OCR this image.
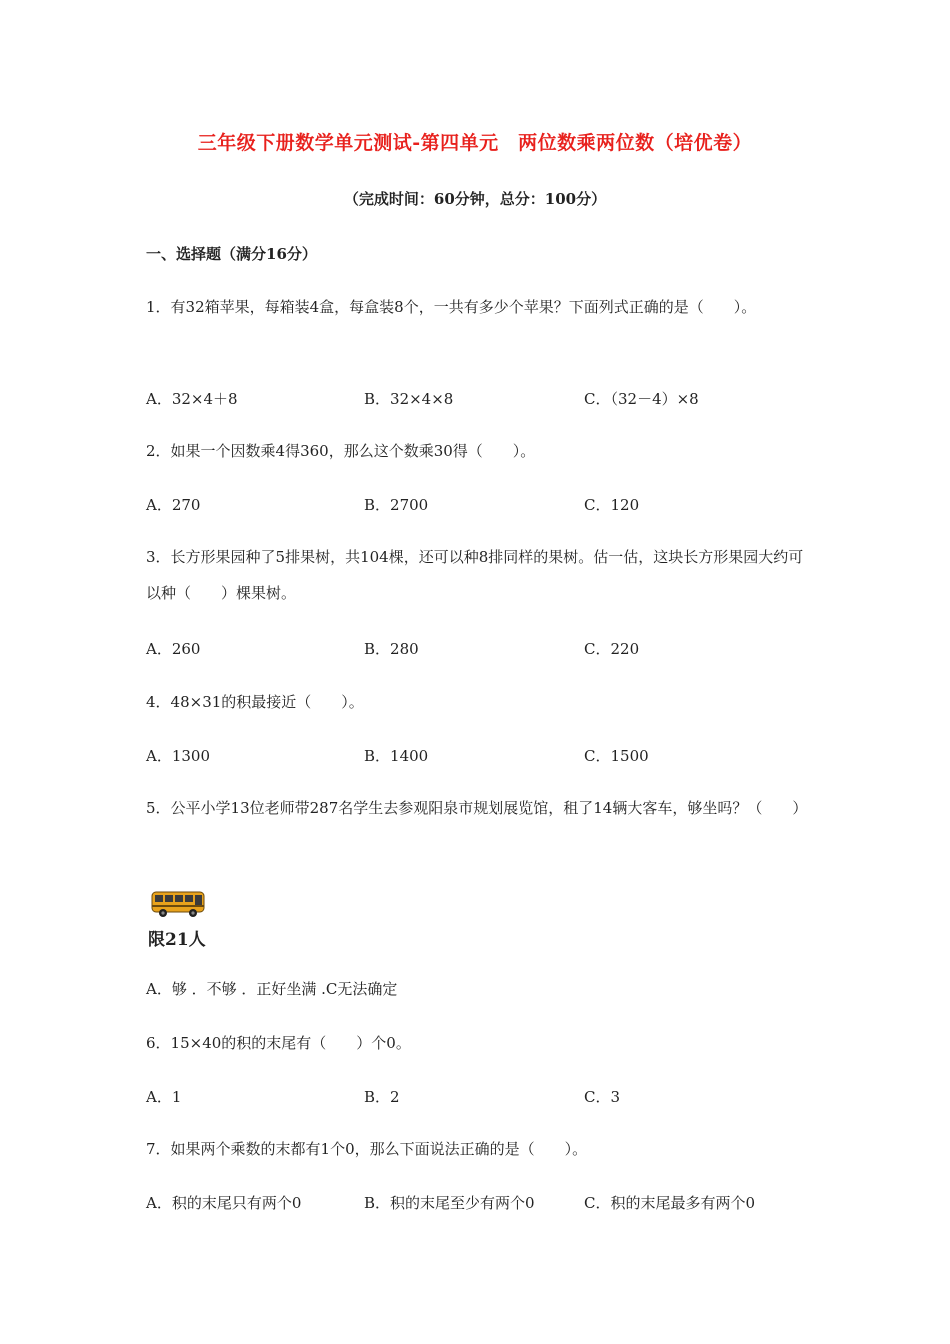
三年级下册数学单元测试-第四单元　两位数乘两位数（培优卷）
（完成时间：60分钟，总分：100分）
一、选择题（满分16分）
1．有32箱苹果，每箱装4盒，每盒装8个，一共有多少个苹果？下面列式正确的是（　　）。
A．32×4＋8	B．32×4×8	C．（32－4）×8
2．如果一个因数乘4得360，那么这个数乘30得（　　）。
A．270	B．2700	C．120
3．长方形果园种了5排果树，共104棵，还可以种8排同样的果树。估一估，这块长方形果园大约可以种（　　）棵果树。
A．260	B．280	C．220
4．48×31的积最接近（　　）。
A．1300	B．1400	C．1500
5．公平小学13位老师带287名学生去参观阳泉市规划展览馆，租了14辆大客车，够坐吗？（　　）
限21人
A．够 ．不够 ．正好坐满 .C无法确定
6．15×40的积的末尾有（　　）个0。
A．1	B．2	C．3
7．如果两个乘数的末都有1个0，那么下面说法正确的是（　　）。
A．积的末尾只有两个0	B．积的末尾至少有两个0	C．积的末尾最多有两个0
